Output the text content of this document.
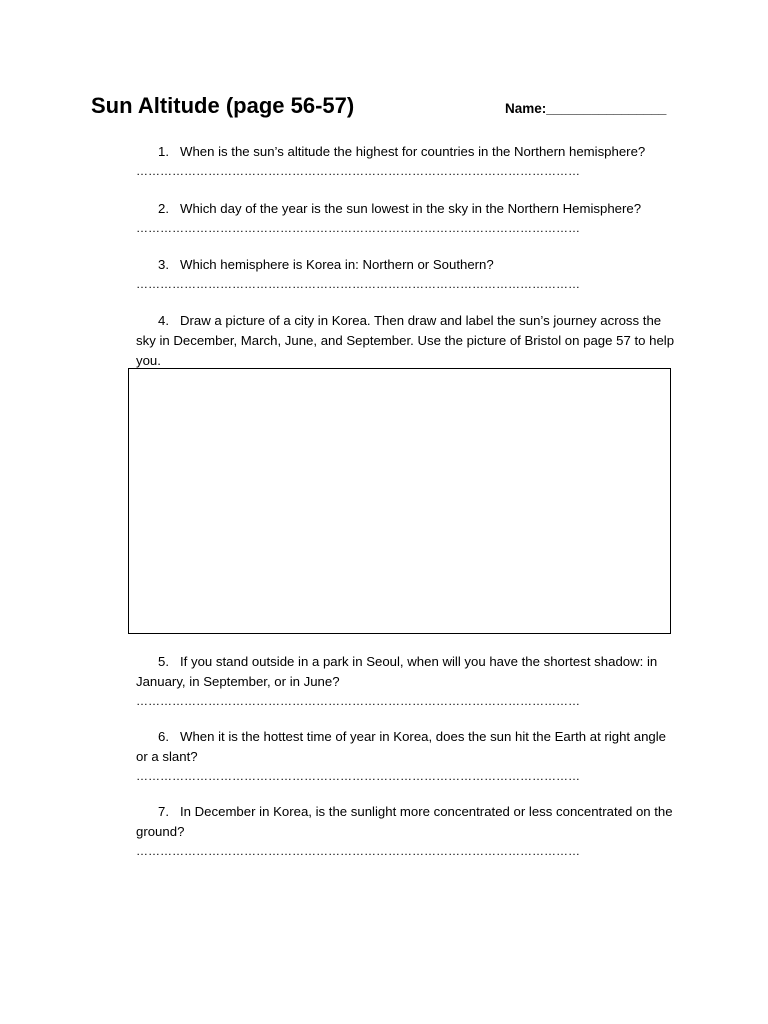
Sun Altitude (page 56-57)	Name:________________
1. When is the sun’s altitude the highest for countries in the Northern hemisphere?
…………………………………………………………………………………………………
2. Which day of the year is the sun lowest in the sky in the Northern Hemisphere?
…………………………………………………………………………………………………
3. Which hemisphere is Korea in: Northern or Southern?
…………………………………………………………………………………………………
4. Draw a picture of a city in Korea. Then draw and label the sun’s journey across the sky in December, March, June, and September. Use the picture of Bristol on page 57 to help you.
5. If you stand outside in a park in Seoul, when will you have the shortest shadow: in January, in September, or in June?
…………………………………………………………………………………………………
6. When it is the hottest time of year in Korea, does the sun hit the Earth at right angle or a slant?
…………………………………………………………………………………………………
7. In December in Korea, is the sunlight more concentrated or less concentrated on the ground?
…………………………………………………………………………………………………
